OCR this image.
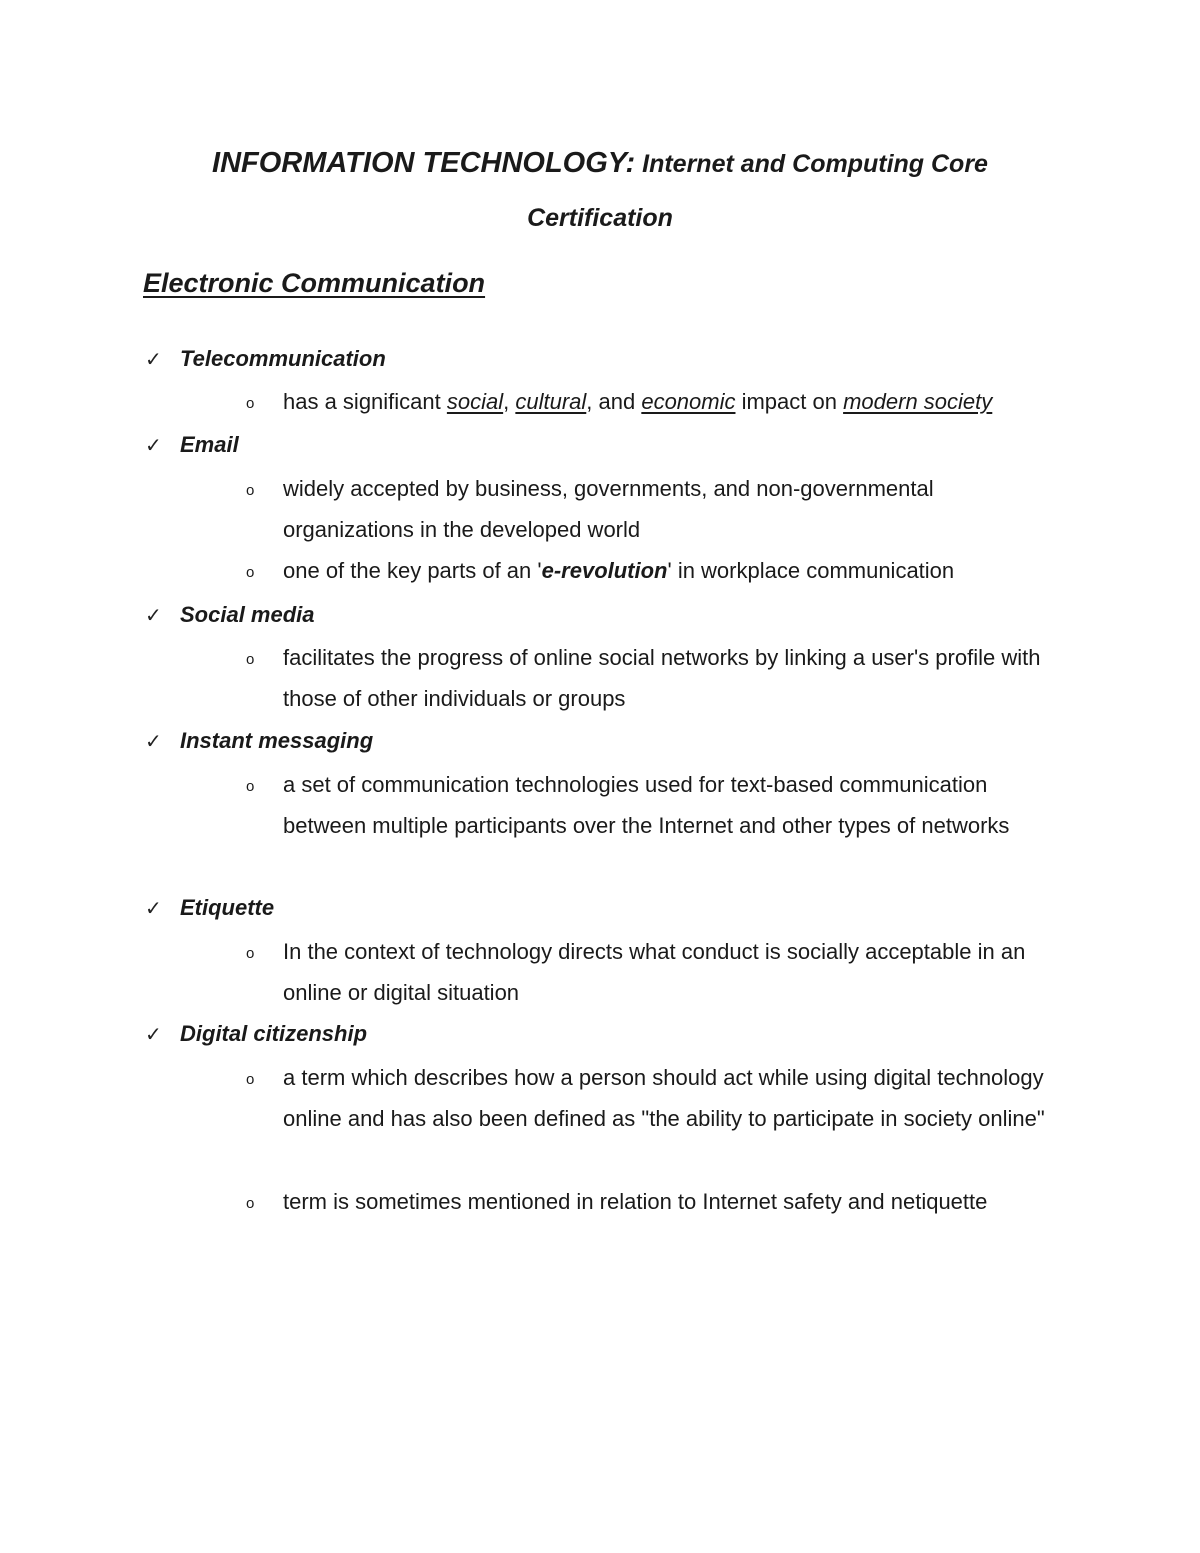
INFORMATION TECHNOLOGY: Internet and Computing Core
Certification
Electronic Communication
✓ Telecommunication
o has a significant social, cultural, and economic impact on modern society
✓ Email
o widely accepted by business, governments, and non-governmental organizations in the developed world
o one of the key parts of an 'e-revolution' in workplace communication
✓ Social media
o facilitates the progress of online social networks by linking a user's profile with those of other individuals or groups
✓ Instant messaging
o a set of communication technologies used for text-based communication between multiple participants over the Internet and other types of networks
✓ Etiquette
o In the context of technology directs what conduct is socially acceptable in an online or digital situation
✓ Digital citizenship
o a term which describes how a person should act while using digital technology online and has also been defined as "the ability to participate in society online"
o term is sometimes mentioned in relation to Internet safety and netiquette
